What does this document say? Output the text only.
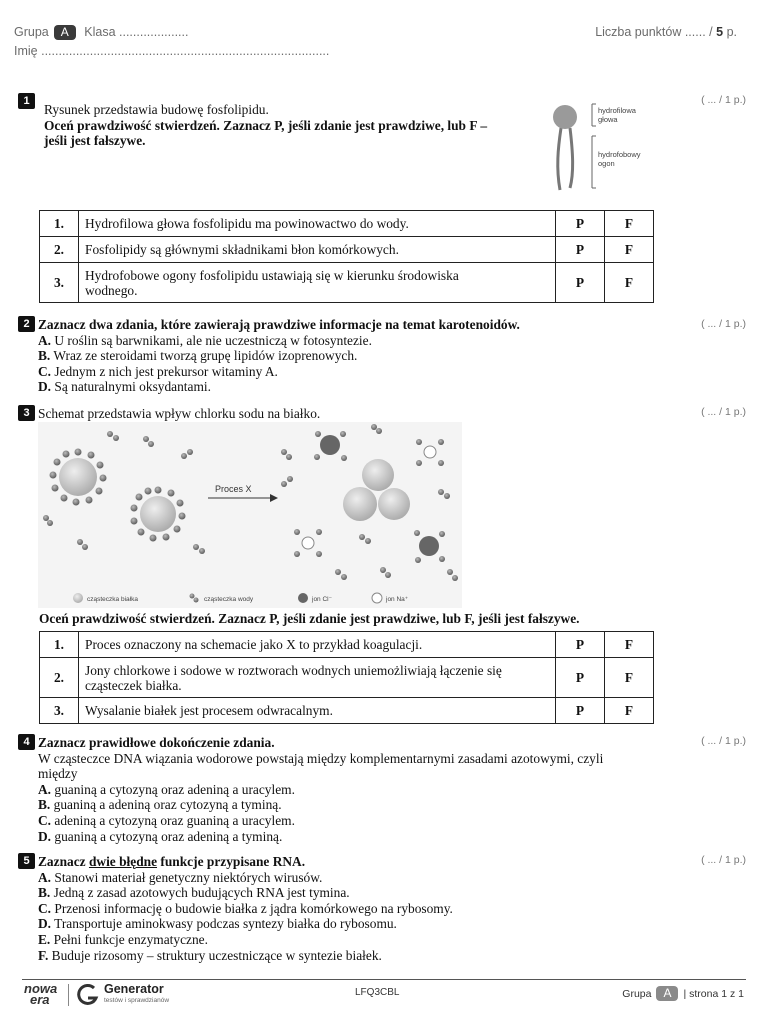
Grupa A Klasa ....................	Liczba punktów ...... / 5 p.
Imię ...................................................................................
1	( ... / 1 p.)
Rysunek przedstawia budowę fosfolipidu.
Oceń prawdziwość stwierdzeń. Zaznacz P, jeśli zdanie jest prawdziwe, lub F –
jeśli jest fałszywe.
hydrofilowa
głowa
hydrofobowy
ogon
1.	Hydrofilowa głowa fosfolipidu ma powinowactwo do wody.	P	F
2.	Fosfolipidy są głównymi składnikami błon komórkowych.	P	F
3.	Hydrofobowe ogony fosfolipidu ustawiają się w kierunku środowiska
wodnego.	P	F
2	( ... / 1 p.)
Zaznacz dwa zdania, które zawierają prawdziwe informacje na temat karotenoidów.
A. U roślin są barwnikami, ale nie uczestniczą w fotosyntezie.
B. Wraz ze steroidami tworzą grupę lipidów izoprenowych.
C. Jednym z nich jest prekursor witaminy A.
D. Są naturalnymi oksydantami.
3	( ... / 1 p.)
Schemat przedstawia wpływ chlorku sodu na białko.
Proces X
cząsteczka białka	cząsteczka wody	jon Cl⁻	jon Na⁺
Oceń prawdziwość stwierdzeń. Zaznacz P, jeśli zdanie jest prawdziwe, lub F, jeśli jest fałszywe.
1.	Proces oznaczony na schemacie jako X to przykład koagulacji.	P	F
2.	Jony chlorkowe i sodowe w roztworach wodnych uniemożliwiają łączenie się
cząsteczek białka.	P	F
3.	Wysalanie białek jest procesem odwracalnym.	P	F
4	( ... / 1 p.)
Zaznacz prawidłowe dokończenie zdania.
W cząsteczce DNA wiązania wodorowe powstają między komplementarnymi zasadami azotowymi, czyli
między
A. guaniną a cytozyną oraz adeniną a uracylem.
B. guaniną a adeniną oraz cytozyną a tyminą.
C. adeniną a cytozyną oraz guaniną a uracylem.
D. guaniną a cytozyną oraz adeniną a tyminą.
5	( ... / 1 p.)
Zaznacz dwie błędne funkcje przypisane RNA.
A. Stanowi materiał genetyczny niektórych wirusów.
B. Jedną z zasad azotowych budujących RNA jest tymina.
C. Przenosi informację o budowie białka z jądra komórkowego na rybosomy.
D. Transportuje aminokwasy podczas syntezy białka do rybosomu.
E. Pełni funkcje enzymatyczne.
F. Buduje rizosomy – struktury uczestniczące w syntezie białek.
nowa
era
Generator
testów i sprawdzianów
LFQ3CBL	Grupa A | strona 1 z 1
